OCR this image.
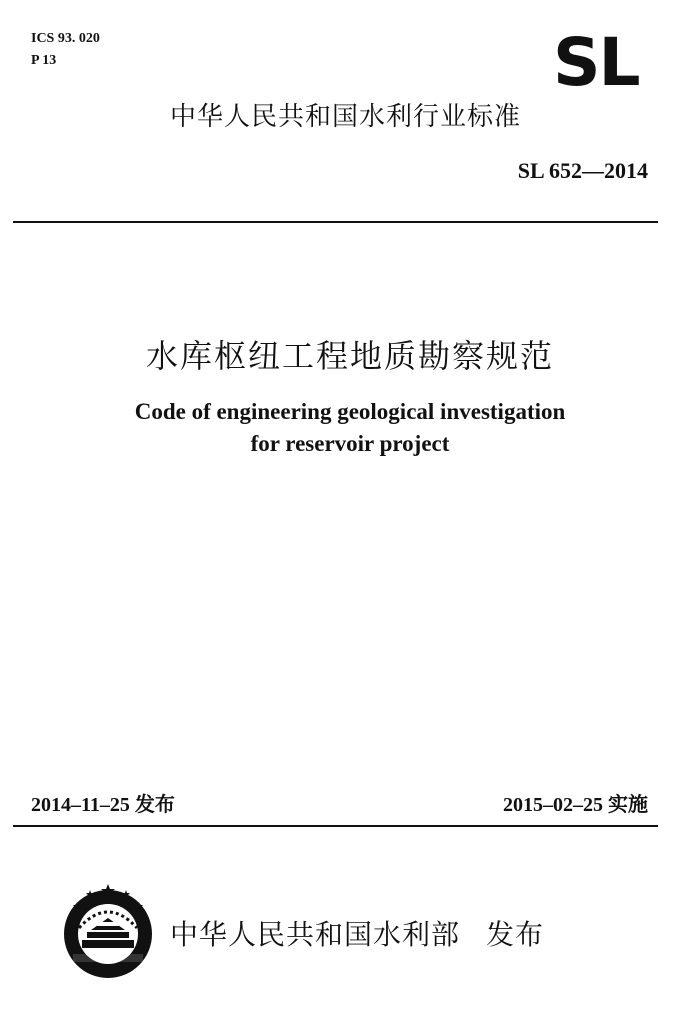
ICS 93. 020
P 13	SL
中华人民共和国水利行业标准
SL 652—2014
水库枢纽工程地质勘察规范
Code of engineering geological investigation
for reservoir project
2014–11–25 发布	2015–02–25 实施
中华人民共和国水利部 发布
